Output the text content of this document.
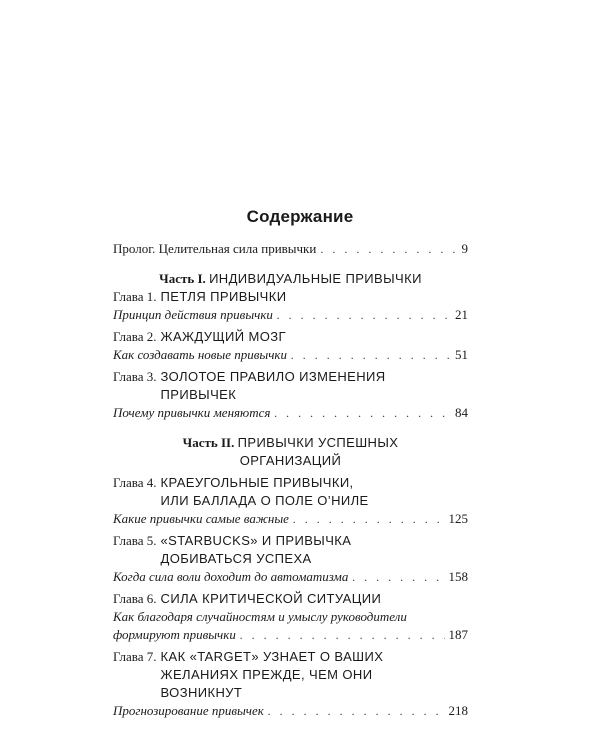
Содержание
Пролог. Целительная сила привычки . . .	9
Часть I. ИНДИВИДУАЛЬНЫЕ ПРИВЫЧКИ
Глава 1. ПЕТЛЯ ПРИВЫЧКИ
Принцип действия привычки . . .	21
Глава 2. ЖАЖДУЩИЙ МОЗГ
Как создавать новые привычки . . .	51
Глава 3. ЗОЛОТОЕ ПРАВИЛО ИЗМЕНЕНИЯ
ПРИВЫЧЕК
Почему привычки меняются . . .	84
Часть II. ПРИВЫЧКИ УСПЕШНЫХ
ОРГАНИЗАЦИЙ
Глава 4. КРАЕУГОЛЬНЫЕ ПРИВЫЧКИ,
ИЛИ БАЛЛАДА О ПОЛЕ О’НИЛЕ
Какие привычки самые важные . . .	125
Глава 5. «STARBUCKS» И ПРИВЫЧКА
ДОБИВАТЬСЯ УСПЕХА
Когда сила воли доходит до автоматизма . . .	158
Глава 6. СИЛА КРИТИЧЕСКОЙ СИТУАЦИИ
Как благодаря случайностям и умыслу руководители
формируют привычки . . .	187
Глава 7. КАК «TARGET» УЗНАЕТ О ВАШИХ
ЖЕЛАНИЯХ ПРЕЖДЕ, ЧЕМ ОНИ
ВОЗНИКНУТ
Прогнозирование привычек . . .	218
